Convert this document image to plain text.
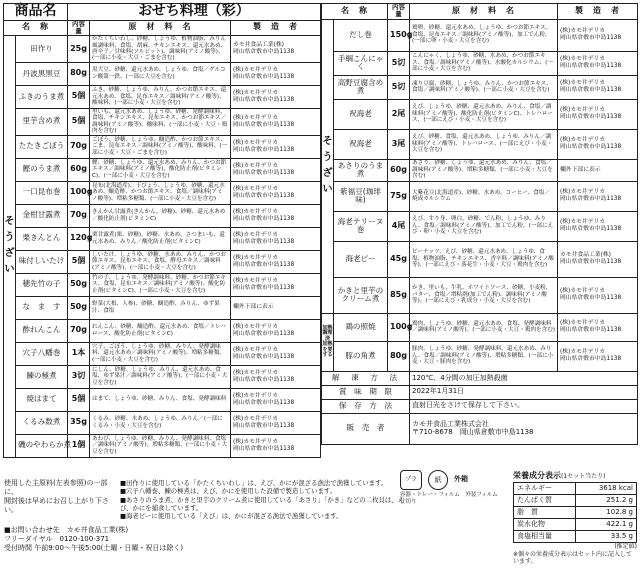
商品名		おせち料理（彩）		
名　称		内容量	原　材　料　名	製　造　者
そ う ざ い	田作り	25g	かたくちいわし、砂糖、しょうゆ、植物油脂、みりん風調味料、食塩、胡麻、チキンエキス、還元水あめ、唐辛子／甘味料(ソルビット)、調味料(アミノ酸等)、(一部に小麦・大豆・ごまを含む)	カモ井食品工業(株)
岡山県倉敷市中島1138
	丹波黒黒豆	80g	黒大豆、砂糖、還元水あめ、しょうゆ、食塩／グルコン酸第一鉄、(一部に大豆を含む)	(株)カモ井デリカ
岡山県倉敷市中島1138
	ふきのうま煮	5個	ふき、砂糖、しょうゆ、みりん、かつお節エキス、還元水あめ、食塩、昆布エキス／調味料(アミノ酸等)、酸味料、(一部に小麦・大豆を含む)	(株)カモ井デリカ
岡山県倉敷市中島1138
	里芋含め煮	5個	里いも、還元水あめ、しょうゆ、砂糖、発酵調味料、食塩、チキンエキス、昆布エキス、かつお節エキス／調味料(アミノ酸等)、酸味料、(一部に小麦・大豆・鶏肉を含む)	(株)カモ井デリカ
岡山県倉敷市中島1138
	たたきごぼう	70g	ごぼう、砂糖、しょうゆ、醸造酢、かつお節エキス、ごま、昆布エキス／調味料(アミノ酸等)、酸味料、(一部に小麦・大豆・ごまを含む)	(株)カモ井デリカ
岡山県倉敷市中島1138
	鰹のうま煮	60g	鰹、砂糖、しょうゆ、還元水あめ、みりん、かつお節エキス／調味料(アミノ酸等)、酸化防止剤(ビタミンC)、(一部に小麦・大豆を含む)	(株)カモ井デリカ
岡山県倉敷市中島1138
	一口昆布巻	100g	昆布(北海道産)、干ぴょう、しょうゆ、砂糖、還元水あめ、醸造酢、かつお節エキス、食塩／調味料(アミノ酸等)、増粘多糖類、(一部に小麦・大豆を含む)	(株)カモ井デリカ
岡山県倉敷市中島1138
	金柑甘露煮	70g	きんかん甘露煮(きんかん、砂糖)、砂糖、還元水あめ／酸化防止剤(ビタミンC)	(株)カモ井デリカ
岡山県倉敷市中島1138
	栗きんとん	120g	栗甘露煮(栗、砂糖)、砂糖、水あめ、さつまいも、還元水あめ、みりん／酸化防止剤(ビタミンC)	(株)カモ井デリカ
岡山県倉敷市中島1138
	味付しいたけ	5個	しいたけ、しょうゆ、砂糖、水あめ、みりん、かつお節エキス、昆布エキス、食塩、酵母エキス／調味料(アミノ酸等)、(一部に小麦・大豆を含む)	(株)カモ井デリカ
岡山県倉敷市中島1138
	穂先竹の子	50g	竹の子、しょうゆ、発酵調味料、砂糖、かつお節エキス、食塩、昆布エキス／調味料(アミノ酸等)、酸化防止剤(ビタミンC)、(一部に小麦・大豆を含む)	(株)カモ井デリカ
岡山県倉敷市中島1138
	な　ま　す	50g	野菜(大根、人参)、砂糖、醸造酢、みりん、ゆず果汁、食塩	欄外下部に表示
	酢れんこん	70g	れんこん、砂糖、醸造酢、還元水あめ、食塩／トレハロース、酸化防止剤(ビタミンC)	(株)カモ井デリカ
岡山県倉敷市中島1138
	穴子八幡巻	1本	穴子、ごぼう、しょうゆ、砂糖、みりん、発酵調味料、還元水あめ／調味料(アミノ酸等)、増粘多糖類、(一部に小麦・大豆を含む)	(株)カモ井デリカ
岡山県倉敷市中島1138
	鰊の極煮	3切	にしん、砂糖、しょうゆ、みりん、還元水あめ、食塩、ゆず果汁／調味料(アミノ酸等)、(一部に小麦・大豆を含む)	(株)カモ井デリカ
岡山県倉敷市中島1138
	焼はまて	5個	はまて、しょうゆ、砂糖、みりん、食塩、発酵調味料	(株)カモ井デリカ
岡山県倉敷市中島1138
	くるみ数煮	35g	くるみ、砂糖、水あめ、しょうゆ、みりん／(一部にくるみ・小麦・大豆を含む)	(株)カモ井デリカ
岡山県倉敷市中島1138
	磯のやわらか煮	1個	あわび、しょうゆ、砂糖、みりん、発酵調味料、食塩／調味料(アミノ酸等)、増粘多糖類、(一部に小麦・大豆を含む)	(株)カモ井デリカ
岡山県倉敷市中島1138
名　称		内容量	原　材　料　名	製　造　者
そ う ざ い	だし巻	150g	鶏卵、砂糖、還元水あめ、しょうゆ、かつお節エキス、食塩、昆布エキス／調味料(アミノ酸等)、加工でん粉、(一部に卵・小麦・大豆を含む)	(株)カモ井デリカ
岡山県倉敷市中島1138
	手綱こんにゃく	5切	こんにゃく、しょうゆ、砂糖、水あめ、かつお節エキス、食塩／調味料(アミノ酸等)、水酸化カルシウム、(一部に小麦・大豆を含む)	(株)カモ井デリカ
岡山県倉敷市中島1138
	高野豆腐含め煮	5切	凍り豆腐、砂糖、しょうゆ、みりん、かつお節エキス、食塩／調味料(アミノ酸等)、(一部に小麦・大豆を含む)	(株)カモ井デリカ
岡山県倉敷市中島1138
	祝海老	2尾	えび、しょうゆ、砂糖、還元水あめ、みりん、食塩／調味料(アミノ酸等)、酸化防止剤(ビタミンC)、トレハロース、(一部にえび・小麦・大豆を含む)	(株)カモ井デリカ
岡山県倉敷市中島1138
	祝海老	3尾	えび、砂糖、食塩、還元水あめ、しょうゆ、みりん／調味料(アミノ酸等)、トレハロース、(一部にえび・小麦・大豆を含む)	(株)カモ井デリカ
岡山県倉敷市中島1138
	あさりのうま煮	60g	あさり、砂糖、しょうゆ、還元水あめ、みりん、食塩／調味料(アミノ酸等)、増粘多糖類、(一部に小麦・大豆を含む)	欄外下部に表示
	紫福豆(珈琲味)	75g	大紫花豆(北海道産)、砂糖、水あめ、コーヒー、食塩／焼成カルシウム	(株)カモ井デリカ
岡山県倉敷市中島1138
	海老テリーヌ巻	4尾	えび、すり身、卵白、砂糖、でん粉、しょうゆ、みりん、食塩／調味料(アミノ酸等)、加工でん粉、(一部にえび・卵・小麦・大豆を含む)	(株)カモ井デリカ
岡山県倉敷市中島1138
	海老ピー	45g	ピーナッツ、えび、砂糖、還元水あめ、しょうゆ、食塩、植物油脂、チキンエキス、香辛料／調味料(アミノ酸等)、(一部にえび・落花生・小麦・大豆・鶏肉を含む)	カモ井食品工業(株)
岡山県倉敷市中島1138
	かきと里芋のクリーム煮	85g	かき、里いも、牛乳、ホワイトソース、砂糖、小麦粉、バター、食塩／増粘剤(加工でん粉)、調味料(アミノ酸等)、(一部にえび・乳成分・小麦・大豆を含む)	(株)カモ井デリカ
岡山県倉敷市中島1138
加熱調理済
加熱を要する	鶏の照焼	100g	鶏肉、しょうゆ、砂糖、還元水あめ、食塩、発酵調味料／調味料(アミノ酸等)、(一部に小麦・大豆・鶏肉を含む)	(株)カモ井デリカ
岡山県倉敷市中島1138
	豚の角煮	80g	豚肉、しょうゆ、砂糖、発酵調味料、還元水あめ、みりん、食塩／調味料(アミノ酸等)、増粘多糖類、(一部に小麦・大豆・豚肉を含む)	(株)カモ井デリカ
岡山県倉敷市中島1138
解　凍　方　法			120℃、4分間の加圧加熱殺菌	
賞　味　期　限			2022年1月31日	
保　存　方　法			直射日光をさけて保存して下さい。	
販　売　者			カモ井食品工業株式会社
〒710-8678　岡山県倉敷市中島1138	
使用した主原料(左表参照)の一部に、
開封後は早めにお召し上がり下さい。
■田作りに使用している「かたくちいわし」は、えび、かにが混ざる漁法で漁獲しています。
■穴子八幡巻、鰊の極煮は、えび、かにを使用した設備で製造しています。
■あさりのうま煮、かきと里芋のクリーム煮に使用している「あさり」「かき」などの二枚貝は、えび、かにを捕食しています。
■海老ピーに使用している「えび」は、かにが混ざる漁法で漁獲しています。
■お問い合わせ先　カモ井食品工業(株)
フリーダイヤル　0120-100-371
受付時間 午前9:00〜午後5:00(土曜・日曜・祝日は除く)
プラ	紙	外箱
容器・トレー・フィルム　外装フィルム　仕切り
栄養成分表示(1セット当たり)
エネルギー	3618 kcal
たんぱく質	251.2 g
脂　質	102.8 g
炭水化物	422.1 g
食塩相当量	33.5 g
(推定値)
※個々の栄養成分表示はセット内に記入しています。
